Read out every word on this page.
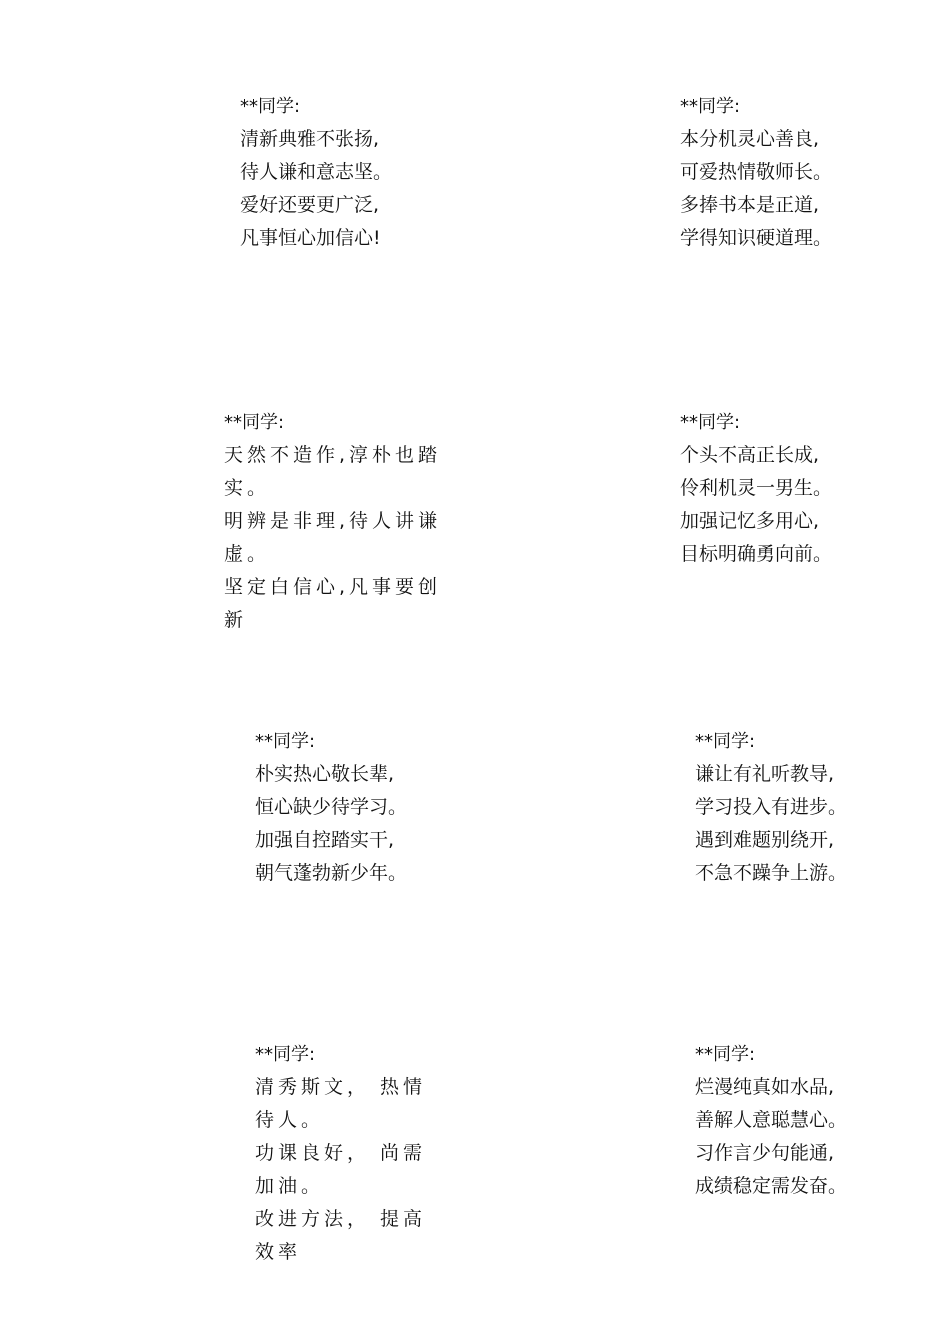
**同学:

清新典雅不张扬,

待人谦和意志坚。

爱好还要更广泛,

凡事恒心加信心!

**同学:

本分机灵心善良,

可爱热情敬师长。

多捧书本是正道,

学得知识硬道理。

**同学:

天然不造作,淳朴也踏实。

明辨是非理,待人讲谦虚。

坚定白信心,凡事要创新

**同学:

个头不高正长成,

伶利机灵一男生。

加强记忆多用心,

目标明确勇向前。

**同学:

朴实热心敬长辈,

恒心缺少待学习。

加强自控踏实干,

朝气蓬勃新少年。

**同学:

谦让有礼听教导,

学习投入有进步。

遇到难题别绕开,

不急不躁争上游。

**同学:

清秀斯文， 热情待人。

功课良好， 尚需加油。

改进方法， 提高效率

**同学:

烂漫纯真如水品,

善解人意聪慧心。

习作言少句能通,

成绩稳定需发奋。
